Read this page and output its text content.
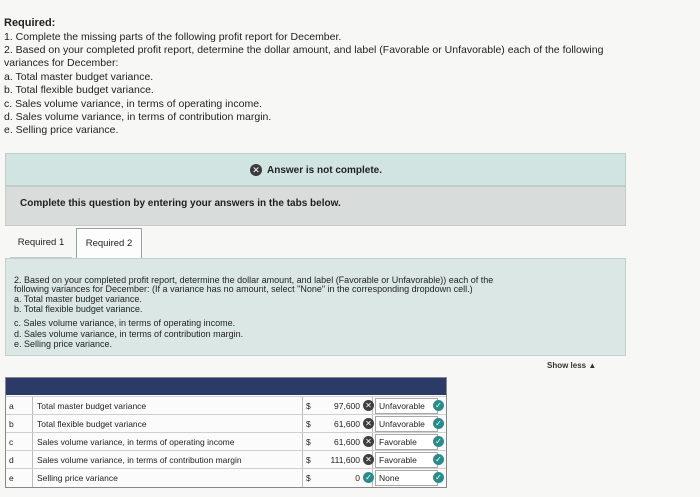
Required:
1. Complete the missing parts of the following profit report for December.
2. Based on your completed profit report, determine the dollar amount, and label (Favorable or Unfavorable) each of the following
variances for December:
a. Total master budget variance.
b. Total flexible budget variance.
c. Sales volume variance, in terms of operating income.
d. Sales volume variance, in terms of contribution margin.
e. Selling price variance.
✕ Answer is not complete.
Complete this question by entering your answers in the tabs below.
Required 1	Required 2
2. Based on your completed profit report, determine the dollar amount, and label (Favorable or Unfavorable)) each of the
following variances for December: (If a variance has no amount, select "None" in the corresponding dropdown cell.)
a. Total master budget variance.
b. Total flexible budget variance.
c. Sales volume variance, in terms of operating income.
d. Sales volume variance, in terms of contribution margin.
e. Selling price variance.
Show less ▲
a	Total master budget variance	$	97,600 ✕ Unfavorable	✓
b	Total flexible budget variance	$	61,600 ✕ Unfavorable	✓
c	Sales volume variance, in terms of operating income	$	61,600 ✕ Favorable	✓
d	Sales volume variance, in terms of contribution margin	$	111,600 ✕ Favorable	✓
e	Selling price variance	$	0 ✓ None	✓
